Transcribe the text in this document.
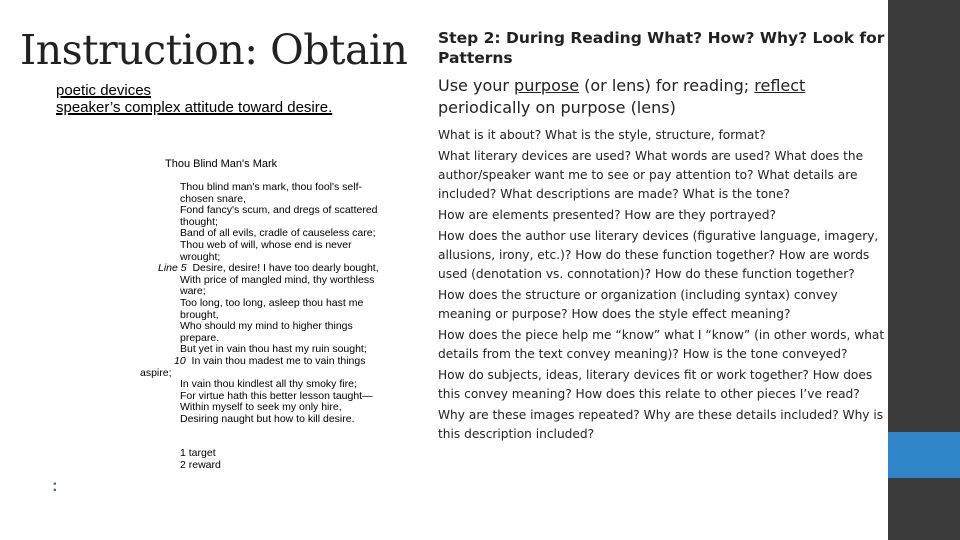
Instruction: Obtain
poetic devices
speaker’s complex attitude toward desire.
Thou Blind Man's Mark
Thou blind man's mark, thou fool's self-
chosen snare,
Fond fancy's scum, and dregs of scattered
thought;
Band of all evils, cradle of causeless care;
Thou web of will, whose end is never
wrought;
Line 5 Desire, desire! I have too dearly bought,
With price of mangled mind, thy worthless
ware;
Too long, too long, asleep thou hast me
brought,
Who should my mind to higher things
prepare.
But yet in vain thou hast my ruin sought;
10 In vain thou madest me to vain things
aspire;
In vain thou kindlest all thy smoky fire;
For virtue hath this better lesson taught—
Within myself to seek my only hire,
Desiring naught but how to kill desire.
1 target
2 reward
:
Step 2: During Reading What? How? Why? Look for Patterns
Use your purpose (or lens) for reading; reflect periodically on purpose (lens)
What is it about? What is the style, structure, format?
What literary devices are used? What words are used? What does the author/speaker want me to see or pay attention to? What details are included? What descriptions are made? What is the tone?
How are elements presented? How are they portrayed?
How does the author use literary devices (figurative language, imagery, allusions, irony, etc.)? How do these function together? How are words used (denotation vs. connotation)? How do these function together?
How does the structure or organization (including syntax) convey meaning or purpose? How does the style effect meaning?
How does the piece help me “know” what I “know” (in other words, what details from the text convey meaning)? How is the tone conveyed?
How do subjects, ideas, literary devices fit or work together? How does this convey meaning? How does this relate to other pieces I’ve read?
Why are these images repeated? Why are these details included? Why is this description included?
